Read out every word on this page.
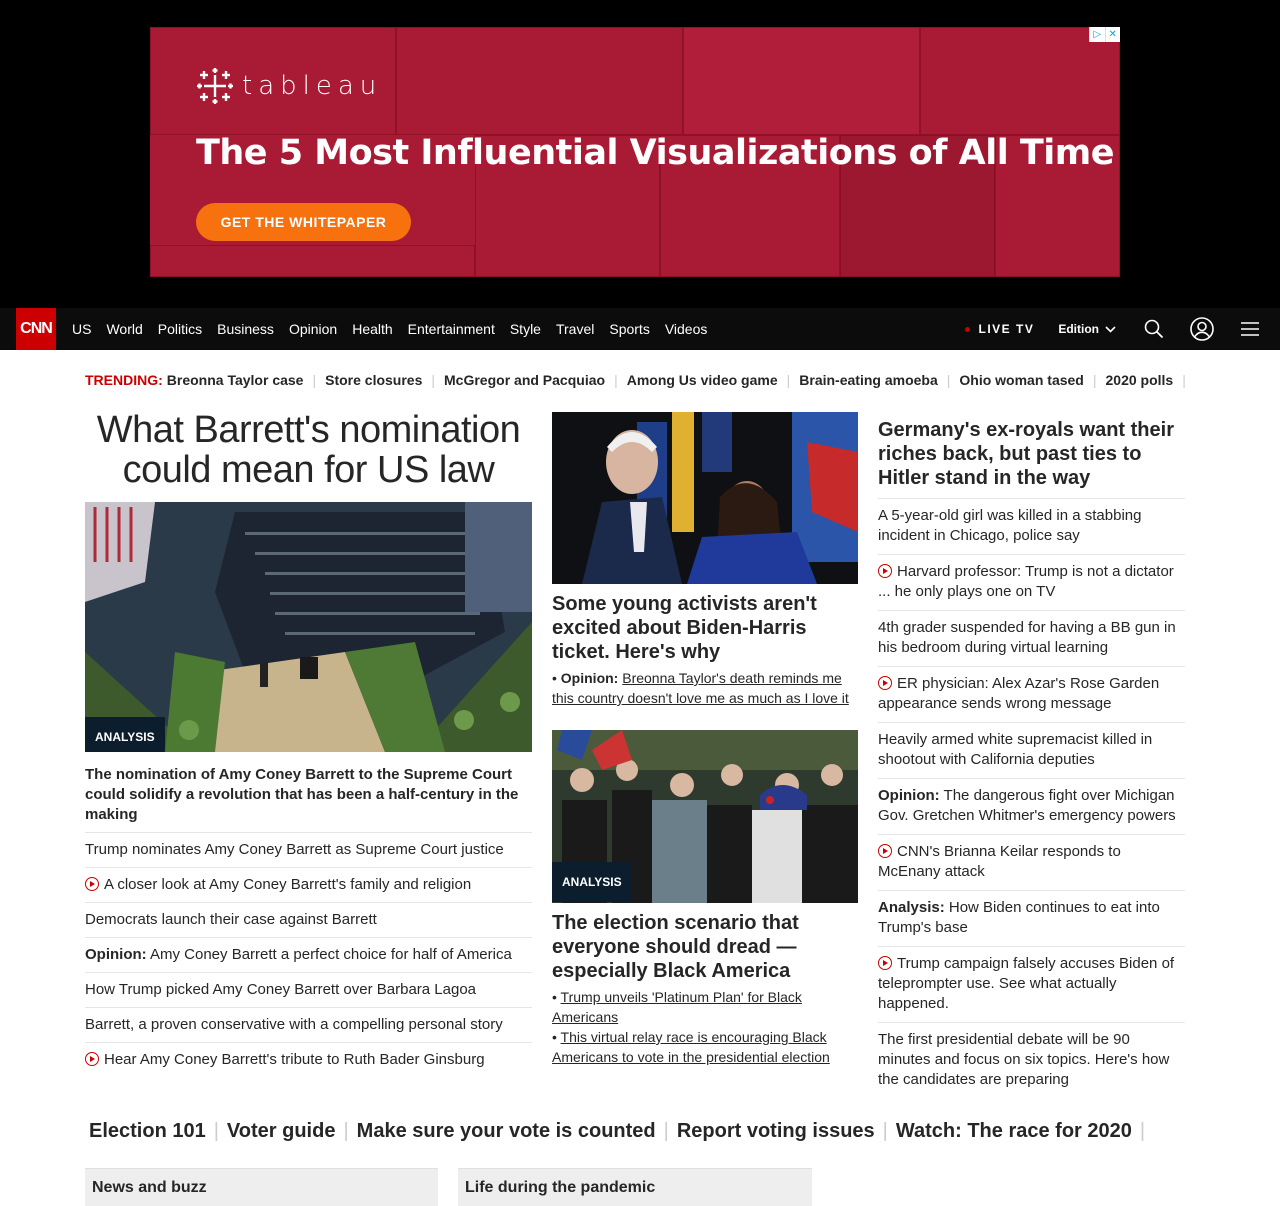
tableau
The 5 Most Influential Visualizations of All Time
GET THE WHITEPAPER
▷ ✕
CNN US World Politics Business Opinion Health Entertainment Style Travel Sports Videos	LIVE TV Edition
TRENDING: Breonna Taylor case | Store closures | McGregor and Pacquiao | Among Us video game | Brain-eating amoeba | Ohio woman tased | 2020 polls |
What Barrett's nomination could mean for US law
ANALYSIS
The nomination of Amy Coney Barrett to the Supreme Court could solidify a revolution that has been a half-century in the making
Trump nominates Amy Coney Barrett as Supreme Court justice
A closer look at Amy Coney Barrett's family and religion
Democrats launch their case against Barrett
Opinion: Amy Coney Barrett a perfect choice for half of America
How Trump picked Amy Coney Barrett over Barbara Lagoa
Barrett, a proven conservative with a compelling personal story
Hear Amy Coney Barrett's tribute to Ruth Bader Ginsburg
Some young activists aren't excited about Biden-Harris ticket. Here's why
• Opinion: Breonna Taylor's death reminds me this country doesn't love me as much as I love it
ANALYSIS
The election scenario that everyone should dread — especially Black America
• Trump unveils 'Platinum Plan' for Black Americans
• This virtual relay race is encouraging Black Americans to vote in the presidential election
Germany's ex-royals want their riches back, but past ties to Hitler stand in the way
A 5-year-old girl was killed in a stabbing incident in Chicago, police say
Harvard professor: Trump is not a dictator ... he only plays one on TV
4th grader suspended for having a BB gun in his bedroom during virtual learning
ER physician: Alex Azar's Rose Garden appearance sends wrong message
Heavily armed white supremacist killed in shootout with California deputies
Opinion: The dangerous fight over Michigan Gov. Gretchen Whitmer's emergency powers
CNN's Brianna Keilar responds to McEnany attack
Analysis: How Biden continues to eat into Trump's base
Trump campaign falsely accuses Biden of teleprompter use. See what actually happened.
The first presidential debate will be 90 minutes and focus on six topics. Here's how the candidates are preparing
Election 101 | Voter guide | Make sure your vote is counted | Report voting issues | Watch: The race for 2020 |
News and buzz	Life during the pandemic
